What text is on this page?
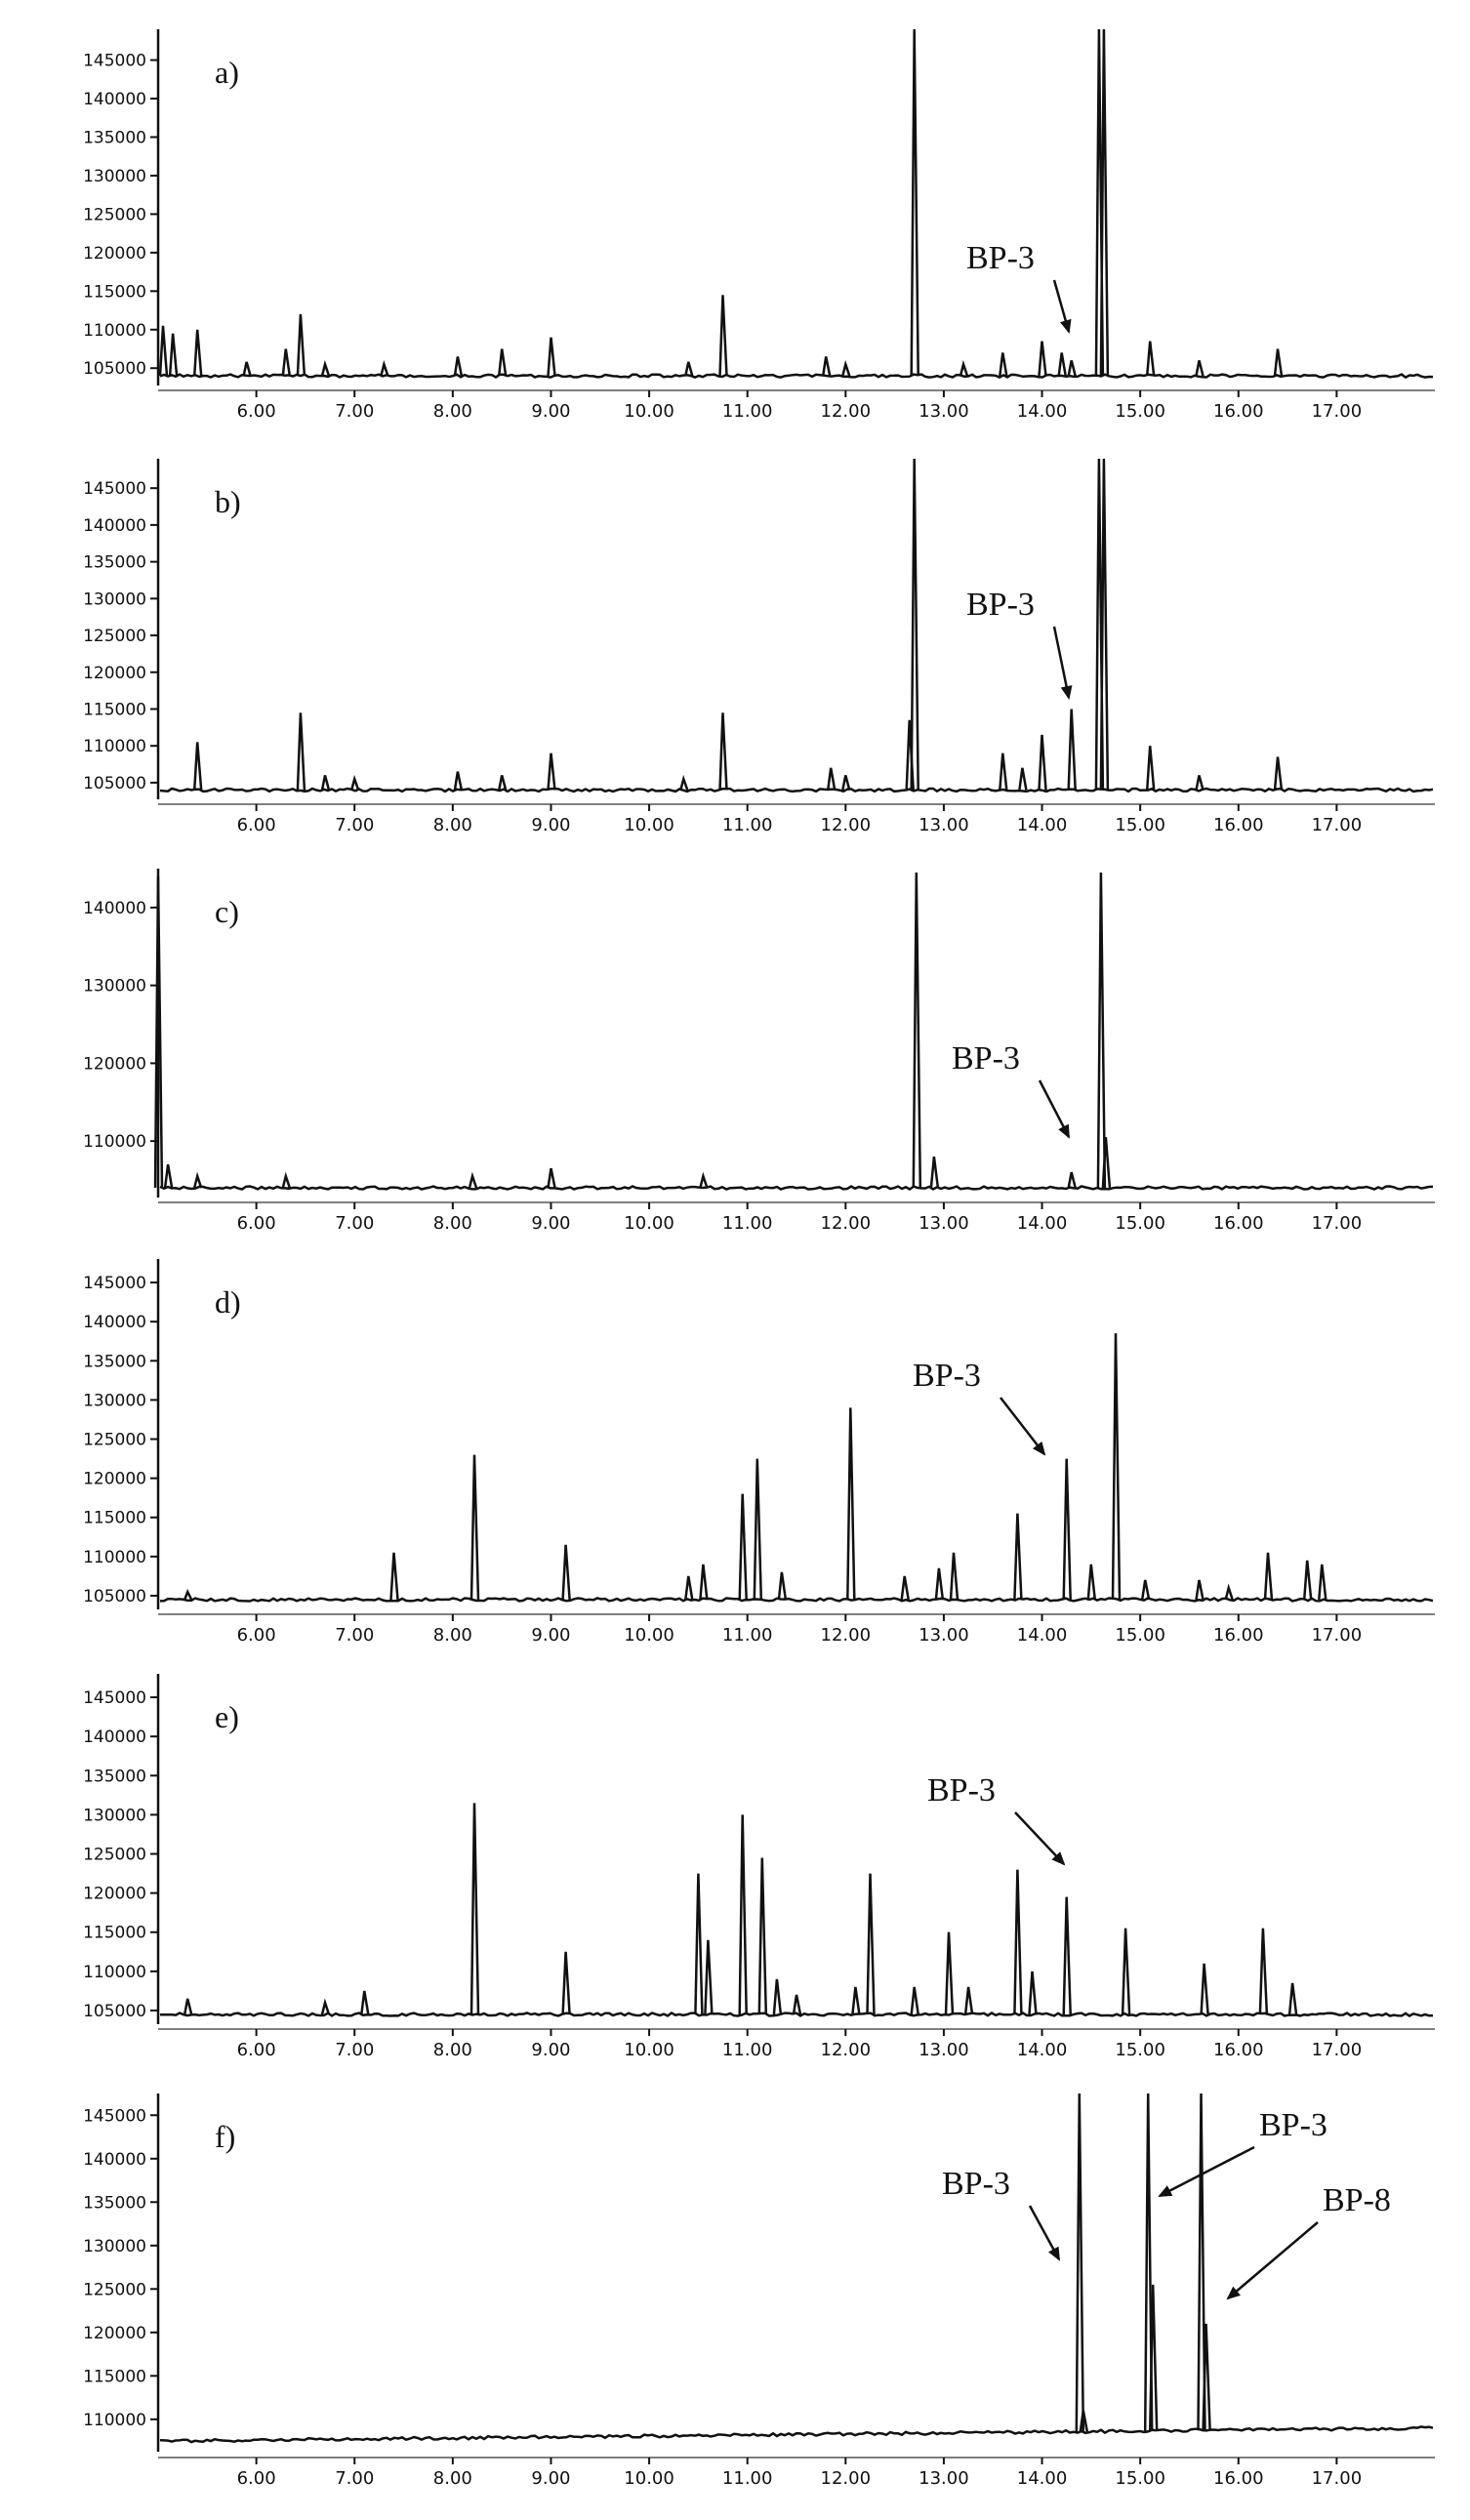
105000
110000
115000
120000
125000
130000
135000
140000
145000
6.00	7.00	8.00	9.00	10.00	11.00	12.00	13.00	14.00	15.00	16.00	17.00
a)
BP-3
105000
110000
115000
120000
125000
130000
135000
140000
145000
6.00	7.00	8.00	9.00	10.00	11.00	12.00	13.00	14.00	15.00	16.00	17.00
b)
BP-3
110000
120000
130000
140000
6.00	7.00	8.00	9.00	10.00	11.00	12.00	13.00	14.00	15.00	16.00	17.00
c)
BP-3
105000
110000
115000
120000
125000
130000
135000
140000
145000
6.00	7.00	8.00	9.00	10.00	11.00	12.00	13.00	14.00	15.00	16.00	17.00
d)
BP-3
105000
110000
115000
120000
125000
130000
135000
140000
145000
6.00	7.00	8.00	9.00	10.00	11.00	12.00	13.00	14.00	15.00	16.00	17.00
e)
BP-3
110000
115000
120000
125000
130000
135000
140000
145000
6.00	7.00	8.00	9.00	10.00	11.00	12.00	13.00	14.00	15.00	16.00	17.00
f)
BP-3
BP-3
BP-8
